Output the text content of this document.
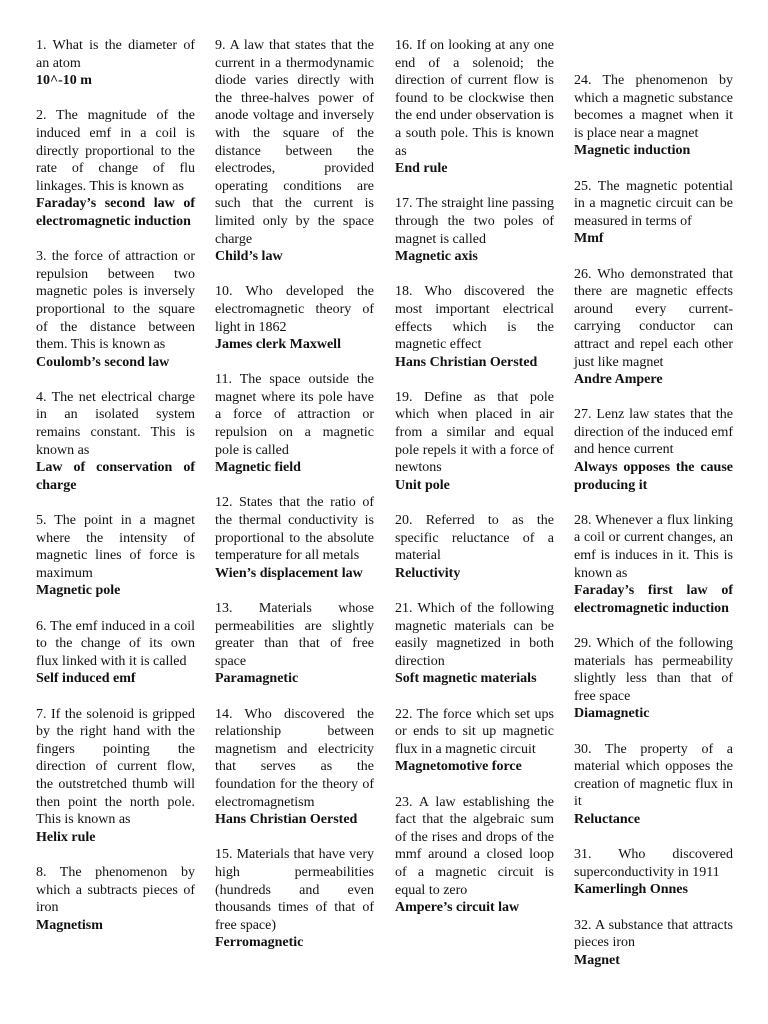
1. What is the diameter of an atom
10^-10 m
2. The magnitude of the induced emf in a coil is directly proportional to the rate of change of flu linkages. This is known as
Faraday’s second law of electromagnetic induction
3. the force of attraction or repulsion between two magnetic poles is inversely proportional to the square of the distance between them. This is known as
Coulomb’s second law
4. The net electrical charge in an isolated system remains constant. This is known as
Law of conservation of charge
5. The point in a magnet where the intensity of magnetic lines of force is maximum
Magnetic pole
6. The emf induced in a coil to the change of its own flux linked with it is called
Self induced emf
7. If the solenoid is gripped by the right hand with the fingers pointing the direction of current flow, the outstretched thumb will then point the north pole. This is known as
Helix rule
8. The phenomenon by which a subtracts pieces of iron
Magnetism
9. A law that states that the current in a thermodynamic diode varies directly with the three-halves power of anode voltage and inversely with the square of the distance between the electrodes, provided operating conditions are such that the current is limited only by the space charge
Child’s law
10. Who developed the electromagnetic theory of light in 1862
James clerk Maxwell
11. The space outside the magnet where its pole have a force of attraction or repulsion on a magnetic pole is called
Magnetic field
12. States that the ratio of the thermal conductivity is proportional to the absolute temperature for all metals
Wien’s displacement law
13. Materials whose permeabilities are slightly greater than that of free space
Paramagnetic
14. Who discovered the relationship between magnetism and electricity that serves as the foundation for the theory of electromagnetism
Hans Christian Oersted
15. Materials that have very high permeabilities (hundreds and even thousands times of that of free space)
Ferromagnetic
16. If on looking at any one end of a solenoid; the direction of current flow is found to be clockwise then the end under observation is a south pole. This is known as
End rule
17. The straight line passing through the two poles of magnet is called
Magnetic axis
18. Who discovered the most important electrical effects which is the magnetic effect
Hans Christian Oersted
19. Define as that pole which when placed in air from a similar and equal pole repels it with a force of newtons
Unit pole
20. Referred to as the specific reluctance of a material
Reluctivity
21. Which of the following magnetic materials can be easily magnetized in both direction
Soft magnetic materials
22. The force which set ups or ends to sit up magnetic flux in a magnetic circuit
Magnetomotive force
23. A law establishing the fact that the algebraic sum of the rises and drops of the mmf around a closed loop of a magnetic circuit is equal to zero
Ampere’s circuit law
24. The phenomenon by which a magnetic substance becomes a magnet when it is place near a magnet
Magnetic induction
25. The magnetic potential in a magnetic circuit can be measured in terms of
Mmf
26. Who demonstrated that there are magnetic effects around every current-carrying conductor can attract and repel each other just like magnet
Andre Ampere
27. Lenz law states that the direction of the induced emf and hence current
Always opposes the cause producing it
28. Whenever a flux linking a coil or current changes, an emf is induces in it. This is known as
Faraday’s first law of electromagnetic induction
29. Which of the following materials has permeability slightly less than that of free space
Diamagnetic
30. The property of a material which opposes the creation of magnetic flux in it
Reluctance
31. Who discovered superconductivity in 1911
Kamerlingh Onnes
32. A substance that attracts pieces iron
Magnet
